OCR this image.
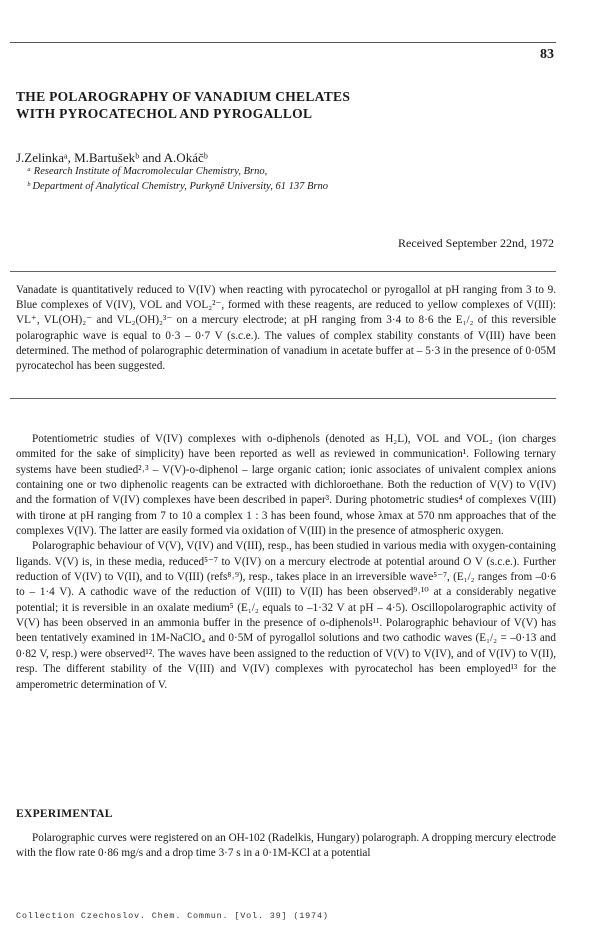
83
THE POLAROGRAPHY OF VANADIUM CHELATES
WITH PYROCATECHOL AND PYROGALLOL
J.Zelinkaᵃ, M.Bartušekᵇ and A.Okáčᵇ
ᵃ Research Institute of Macromolecular Chemistry, Brno,
ᵇ Department of Analytical Chemistry, Purkyně University, 61 137 Brno
Received September 22nd, 1972

Vanadate is quantitatively reduced to V(IV) when reacting with pyrocatechol or pyrogallol at pH ranging from 3 to 9. Blue complexes of V(IV), VOL and VOL₂²⁻, formed with these reagents, are reduced to yellow complexes of V(III): VL⁺, VL(OH)₂⁻ and VL₂(OH)₂³⁻ on a mercury electrode; at pH ranging from 3·4 to 8·6 the E₁/₂ of this reversible polarographic wave is equal to 0·3 – 0·7 V (s.c.e.). The values of complex stability constants of V(III) have been determined. The method of polarographic determination of vanadium in acetate buffer at – 5·3 in the presence of 0·05M pyrocatechol has been suggested.

Potentiometric studies of V(IV) complexes with o-diphenols (denoted as H₂L), VOL and VOL₂ (ion charges ommited for the sake of simplicity) have been reported as well as reviewed in communication¹. Following ternary systems have been studied²˒³ – V(V)-o-diphenol – large organic cation; ionic associates of univalent complex anions containing one or two diphenolic reagents can be extracted with dichloroethane. Both the reduction of V(V) to V(IV) and the formation of V(IV) complexes have been described in paper³. During photometric studies⁴ of complexes V(III) with tirone at pH ranging from 7 to 10 a complex 1 : 3 has been found, whose λmax at 570 nm approaches that of the complexes V(IV). The latter are easily formed via oxidation of V(III) in the presence of atmospheric oxygen.

Polarographic behaviour of V(V), V(IV) and V(III), resp., has been studied in various media with oxygen-containing ligands. V(V) is, in these media, reduced⁵⁻⁷ to V(IV) on a mercury electrode at potential around O V (s.c.e.). Further reduction of V(IV) to V(II), and to V(III) (refs⁸˒⁹), resp., takes place in an irreversible wave⁵⁻⁷, (E₁/₂ ranges from –0·6 to – 1·4 V). A cathodic wave of the reduction of V(III) to V(II) has been observed⁹˒¹⁰ at a considerably negative potential; it is reversible in an oxalate medium⁵ (E₁/₂ equals to –1·32 V at pH – 4·5). Oscillopolarographic activity of V(V) has been observed in an ammonia buffer in the presence of o-diphenols¹¹. Polarographic behaviour of V(V) has been tentatively examined in 1M-NaClO₄ and 0·5M of pyrogallol solutions and two cathodic waves (E₁/₂ = –0·13 and 0·82 V, resp.) were observed¹². The waves have been assigned to the reduction of V(V) to V(IV), and of V(IV) to V(II), resp. The different stability of the V(III) and V(IV) complexes with pyrocatechol has been employed¹³ for the amperometric determination of V.

EXPERIMENTAL

Polarographic curves were registered on an OH-102 (Radelkis, Hungary) polarograph. A dropping mercury electrode with the flow rate 0·86 mg/s and a drop time 3·7 s in a 0·1M-KCl at a potential

Collection Czechoslov. Chem. Commun. [Vol. 39] (1974)
